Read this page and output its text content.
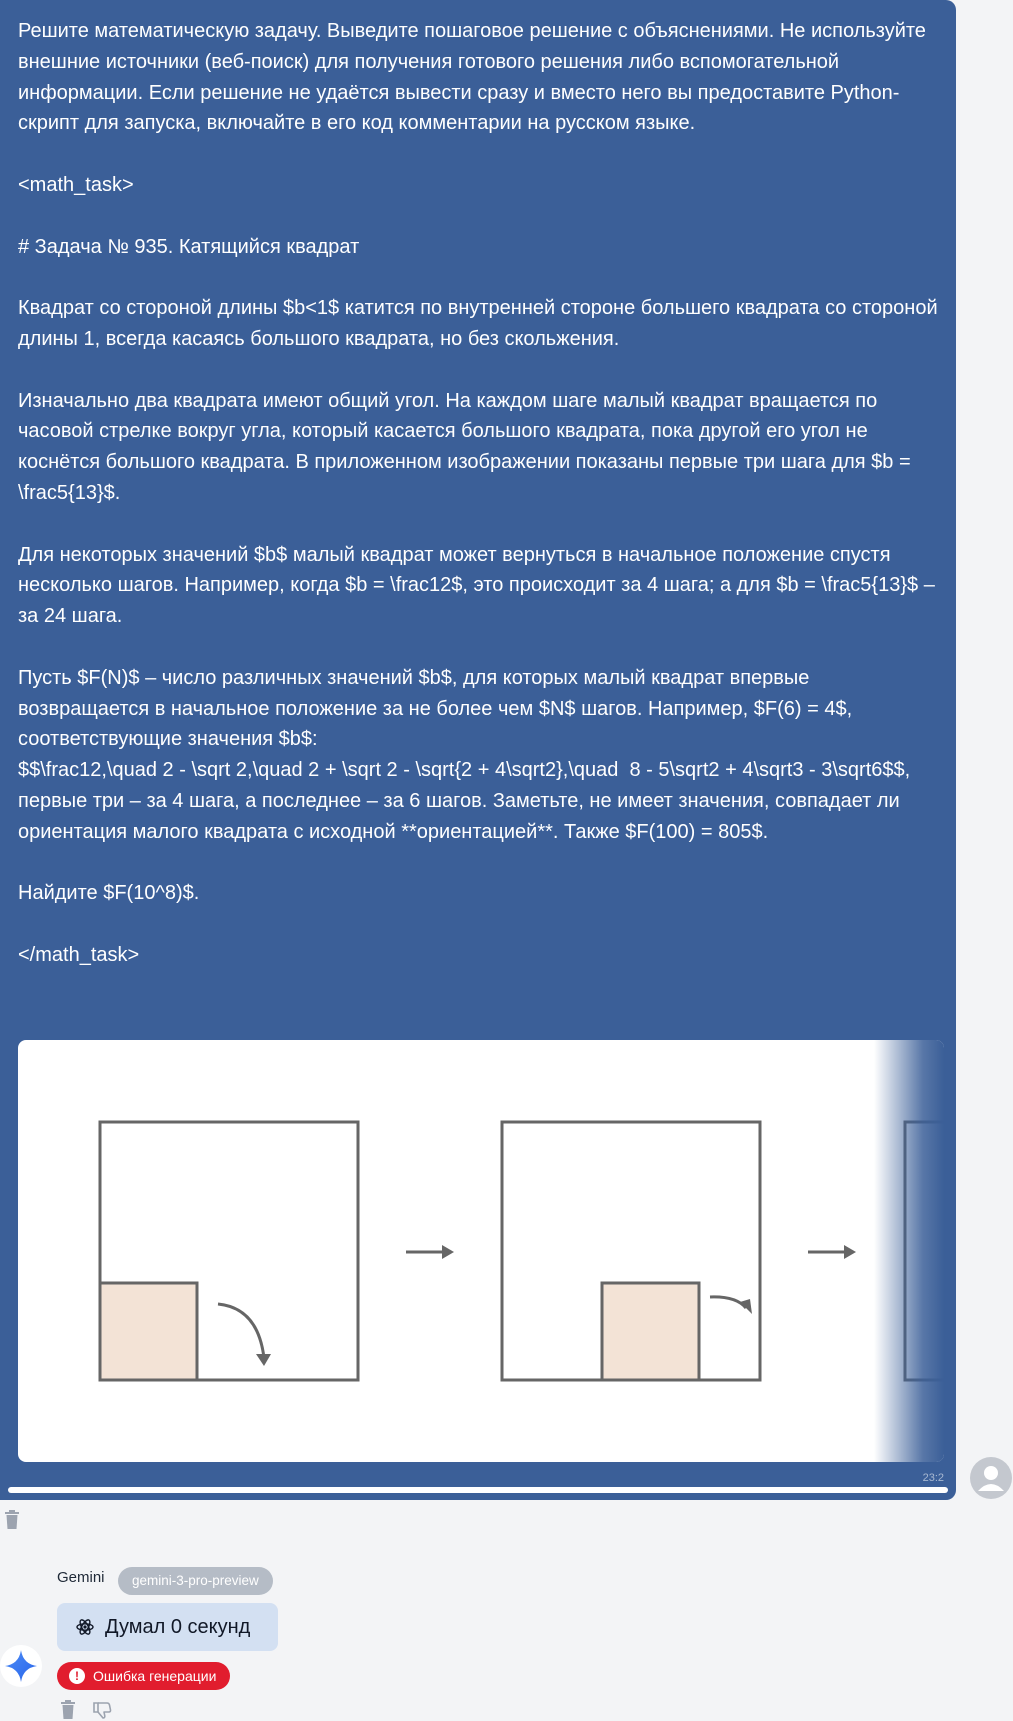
Решите математическую задачу. Выведите пошаговое решение с объяснениями. Не используйте внешние источники (веб-поиск) для получения готового решения либо вспомогательной информации. Если решение не удаётся вывести сразу и вместо него вы предоставите Python-скрипт для запуска, включайте в его код комментарии на русском языке.

<math_task>

# Задача № 935. Катящийся квадрат

Квадрат со стороной длины $b<1$ катится по внутренней стороне большего квадрата со стороной длины 1, всегда касаясь большого квадрата, но без скольжения.

Изначально два квадрата имеют общий угол. На каждом шаге малый квадрат вращается по часовой стрелке вокруг угла, который касается большого квадрата, пока другой его угол не коснётся большого квадрата. В приложенном изображении показаны первые три шага для $b = \frac5{13}$.

Для некоторых значений $b$ малый квадрат может вернуться в начальное положение спустя несколько шагов. Например, когда $b = \frac12$, это происходит за 4 шага; а для $b = \frac5{13}$ – за 24 шага.

Пусть $F(N)$ – число различных значений $b$, для которых малый квадрат впервые возвращается в начальное положение за не более чем $N$ шагов. Например, $F(6) = 4$, соответствующие значения $b$:
$$\frac12,\quad 2 - \sqrt 2,\quad 2 + \sqrt 2 - \sqrt{2 + 4\sqrt2},\quad  8 - 5\sqrt2 + 4\sqrt3 - 3\sqrt6$$,
первые три – за 4 шага, а последнее – за 6 шагов. Заметьте, не имеет значения, совпадает ли ориентация малого квадрата с исходной **ориентацией**. Также $F(100) = 805$.

Найдите $F(10^8)$.

</math_task>
23:2
Gemini	gemini-3-pro-preview
Думал 0 секунд
!	Ошибка генерации
